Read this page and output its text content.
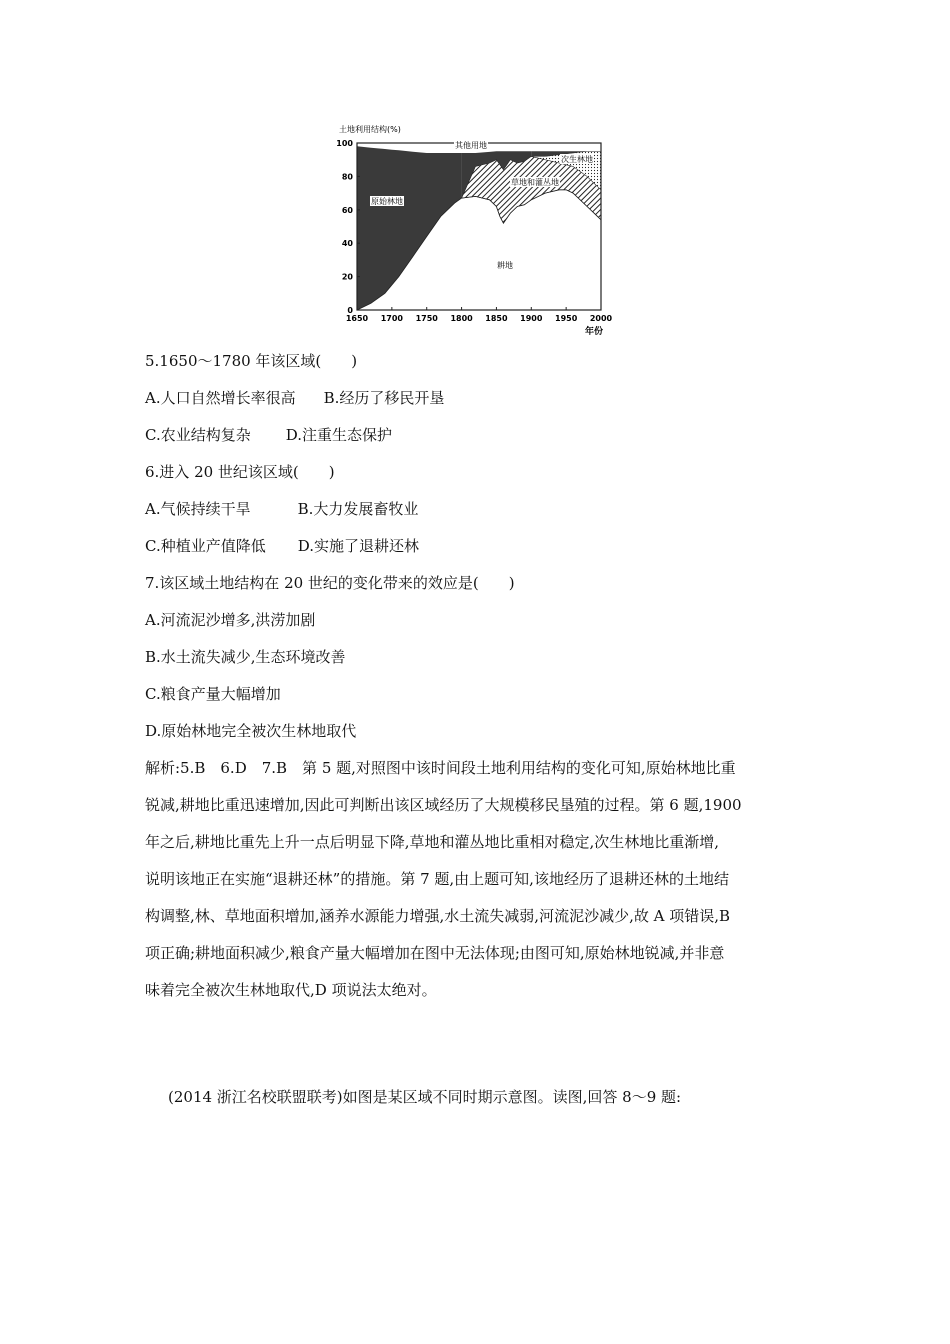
0
20
40
60
80
100
1650 1700 1750 1800 1850 1900 1950 2000
土地利用结构(%)
年份
其他用地
次生林地
草地和灌丛地
原始林地
耕地
5.1650～1780 年该区域(　　)
A.人口自然增长率很高 B.经历了移民开垦
C.农业结构复杂 D.注重生态保护
6.进入 20 世纪该区域(　　)
A.气候持续干旱	B.大力发展畜牧业
C.种植业产值降低 D.实施了退耕还林
7.该区域土地结构在 20 世纪的变化带来的效应是(　　)
A.河流泥沙增多,洪涝加剧
B.水土流失减少,生态环境改善
C.粮食产量大幅增加
D.原始林地完全被次生林地取代
解析:5.B　6.D　7.B　第 5 题,对照图中该时间段土地利用结构的变化可知,原始林地比重
锐减,耕地比重迅速增加,因此可判断出该区域经历了大规模移民垦殖的过程。第 6 题,1900
年之后,耕地比重先上升一点后明显下降,草地和灌丛地比重相对稳定,次生林地比重渐增,
说明该地正在实施“退耕还林”的措施。第 7 题,由上题可知,该地经历了退耕还林的土地结
构调整,林、草地面积增加,涵养水源能力增强,水土流失减弱,河流泥沙减少,故 A 项错误,B
项正确;耕地面积减少,粮食产量大幅增加在图中无法体现;由图可知,原始林地锐减,并非意
味着完全被次生林地取代,D 项说法太绝对。
(2014 浙江名校联盟联考)如图是某区域不同时期示意图。读图,回答 8～9 题:
